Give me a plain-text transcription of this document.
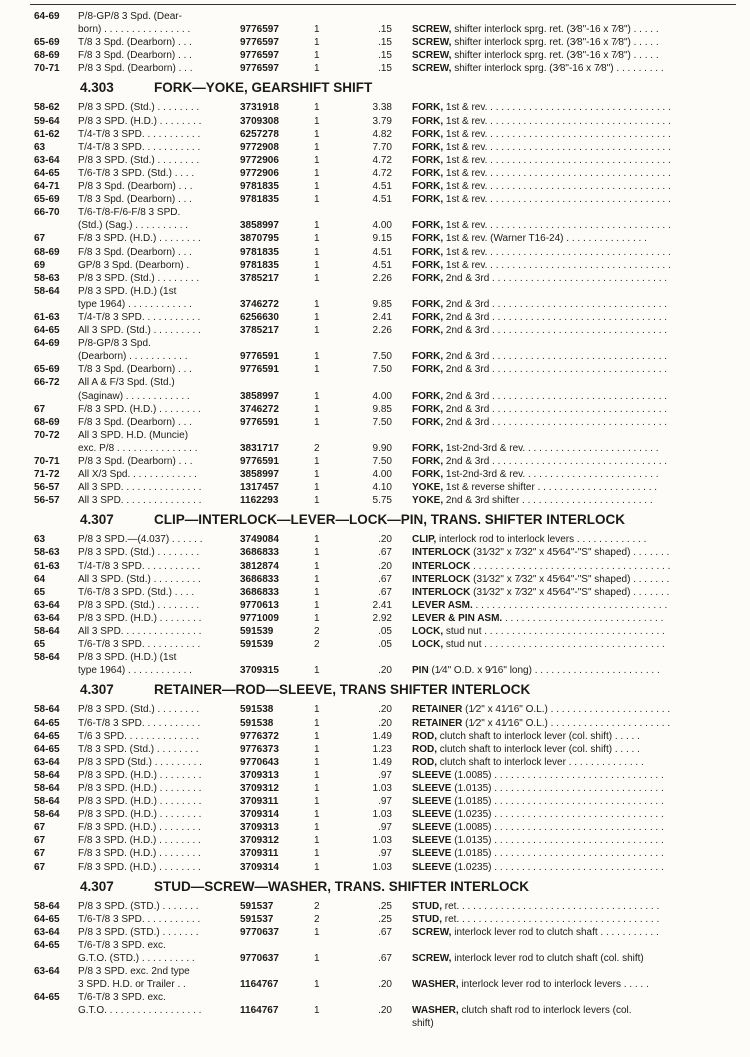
64-69 P/8-GP/8 3 Spd. (Dear-
born) . . . . . . . . . . . . . . . .	9776597	1	.15 SCREW, shifter interlock sprg. ret. (3⁄8"-16 x 7⁄8") . . . . .
65-69 T/8 3 Spd. (Dearborn) . . .	9776597	1	.15 SCREW, shifter interlock sprg. ret. (3⁄8"-16 x 7⁄8") . . . . .
68-69 F/8 3 Spd. (Dearborn) . . .	9776597	1	.15 SCREW, shifter interlock sprg. ret. (3⁄8"-16 x 7⁄8") . . . . .
70-71 P/8 3 Spd. (Dearborn) . . .	9776597	1	.15 SCREW, shifter interlock sprg. (3⁄8"-16 x 7⁄8") . . . . . . . . .
4.303	FORK—YOKE, GEARSHIFT SHIFT
58-62 P/8 3 SPD. (Std.) . . . . . . . .	3731918	1	3.38 FORK, 1st & rev. . . . . . . . . . . . . . . . . . . . . . . . . . . . . . . . . .
59-64 P/8 3 SPD. (H.D.) . . . . . . . .	3709308	1	3.79 FORK, 1st & rev. . . . . . . . . . . . . . . . . . . . . . . . . . . . . . . . . .
61-62 T/4-T/8 3 SPD. . . . . . . . . . .	6257278	1	4.82 FORK, 1st & rev. . . . . . . . . . . . . . . . . . . . . . . . . . . . . . . . . .
63	T/4-T/8 3 SPD. . . . . . . . . . .	9772908	1	7.70 FORK, 1st & rev. . . . . . . . . . . . . . . . . . . . . . . . . . . . . . . . . .
63-64 P/8 3 SPD. (Std.) . . . . . . . .	9772906	1	4.72 FORK, 1st & rev. . . . . . . . . . . . . . . . . . . . . . . . . . . . . . . . . .
64-65 T/6-T/8 3 SPD. (Std.) . . . .	9772906	1	4.72 FORK, 1st & rev. . . . . . . . . . . . . . . . . . . . . . . . . . . . . . . . . .
64-71 P/8 3 Spd. (Dearborn) . . .	9781835	1	4.51 FORK, 1st & rev. . . . . . . . . . . . . . . . . . . . . . . . . . . . . . . . . .
65-69 T/8 3 Spd. (Dearborn) . . .	9781835	1	4.51 FORK, 1st & rev. . . . . . . . . . . . . . . . . . . . . . . . . . . . . . . . . .
66-70 T/6-T/8-F/6-F/8 3 SPD.
(Std.) (Sag.) . . . . . . . . . .	3858997	1	4.00 FORK, 1st & rev. . . . . . . . . . . . . . . . . . . . . . . . . . . . . . . . . .
67	F/8 3 SPD. (H.D.) . . . . . . . .	3870795	1	9.15 FORK, 1st & rev. (Warner T16-24) . . . . . . . . . . . . . . .
68-69 F/8 3 Spd. (Dearborn) . . .	9781835	1	4.51 FORK, 1st & rev. . . . . . . . . . . . . . . . . . . . . . . . . . . . . . . . . .
69	GP/8 3 Spd. (Dearborn) .	9781835	1	4.51 FORK, 1st & rev. . . . . . . . . . . . . . . . . . . . . . . . . . . . . . . . . .
58-63 P/8 3 SPD. (Std.) . . . . . . . .	3785217	1	2.26 FORK, 2nd & 3rd . . . . . . . . . . . . . . . . . . . . . . . . . . . . . . . .
58-64 P/8 3 SPD. (H.D.) (1st
type 1964) . . . . . . . . . . . .	3746272	1	9.85 FORK, 2nd & 3rd . . . . . . . . . . . . . . . . . . . . . . . . . . . . . . . .
61-63 T/4-T/8 3 SPD. . . . . . . . . . .	6256630	1	2.41 FORK, 2nd & 3rd . . . . . . . . . . . . . . . . . . . . . . . . . . . . . . . .
64-65 All 3 SPD. (Std.) . . . . . . . . .	3785217	1	2.26 FORK, 2nd & 3rd . . . . . . . . . . . . . . . . . . . . . . . . . . . . . . . .
64-69 P/8-GP/8 3 Spd.
(Dearborn) . . . . . . . . . . .	9776591	1	7.50 FORK, 2nd & 3rd . . . . . . . . . . . . . . . . . . . . . . . . . . . . . . . .
65-69 T/8 3 Spd. (Dearborn) . . .	9776591	1	7.50 FORK, 2nd & 3rd . . . . . . . . . . . . . . . . . . . . . . . . . . . . . . . .
66-72 All A & F/3 Spd. (Std.)
(Saginaw) . . . . . . . . . . . .	3858997	1	4.00 FORK, 2nd & 3rd . . . . . . . . . . . . . . . . . . . . . . . . . . . . . . . .
67	F/8 3 SPD. (H.D.) . . . . . . . .	3746272	1	9.85 FORK, 2nd & 3rd . . . . . . . . . . . . . . . . . . . . . . . . . . . . . . . .
68-69 F/8 3 Spd. (Dearborn) . . .	9776591	1	7.50 FORK, 2nd & 3rd . . . . . . . . . . . . . . . . . . . . . . . . . . . . . . . .
70-72 All 3 SPD. H.D. (Muncie)
exc. P/8 . . . . . . . . . . . . . . .	3831717	2	9.90 FORK, 1st-2nd-3rd & rev. . . . . . . . . . . . . . . . . . . . . . . . .
70-71 P/8 3 Spd. (Dearborn) . . .	9776591	1	7.50 FORK, 2nd & 3rd . . . . . . . . . . . . . . . . . . . . . . . . . . . . . . . .
71-72 All X/3 Spd. . . . . . . . . . . . .	3858997	1	4.00 FORK, 1st-2nd-3rd & rev. . . . . . . . . . . . . . . . . . . . . . . . .
56-57 All 3 SPD. . . . . . . . . . . . . . .	1317457	1	4.10 YOKE, 1st & reverse shifter . . . . . . . . . . . . . . . . . . . . . .
56-57 All 3 SPD. . . . . . . . . . . . . . .	1162293	1	5.75 YOKE, 2nd & 3rd shifter . . . . . . . . . . . . . . . . . . . . . . . .
4.307	CLIP—INTERLOCK—LEVER—LOCK—PIN, TRANS. SHIFTER INTERLOCK
63	P/8 3 SPD.—(4.037) . . . . . .	3749084	1	.20 CLIP, interlock rod to interlock levers . . . . . . . . . . . . .
58-63 P/8 3 SPD. (Std.) . . . . . . . .	3686833	1	.67 INTERLOCK (31⁄32" x 7⁄32" x 45⁄64"-"S" shaped) . . . . . . .
61-63 T/4-T/8 3 SPD. . . . . . . . . . .	3812874	1	.20 INTERLOCK . . . . . . . . . . . . . . . . . . . . . . . . . . . . . . . . . . . .
64	All 3 SPD. (Std.) . . . . . . . . .	3686833	1	.67 INTERLOCK (31⁄32" x 7⁄32" x 45⁄64"-"S" shaped) . . . . . . .
65	T/6-T/8 3 SPD. (Std.) . . . .	3686833	1	.67 INTERLOCK (31⁄32" x 7⁄32" x 45⁄64"-"S" shaped) . . . . . . .
63-64 P/8 3 SPD. (Std.) . . . . . . . .	9770613	1	2.41 LEVER ASM. . . . . . . . . . . . . . . . . . . . . . . . . . . . . . . . . . . .
63-64 P/8 3 SPD. (H.D.) . . . . . . . .	9771009	1	2.92 LEVER & PIN ASM. . . . . . . . . . . . . . . . . . . . . . . . . . . . . .
58-64 All 3 SPD. . . . . . . . . . . . . . .	591539	2	.05 LOCK, stud nut . . . . . . . . . . . . . . . . . . . . . . . . . . . . . . . . .
65	T/6-T/8 3 SPD. . . . . . . . . . .	591539	2	.05 LOCK, stud nut . . . . . . . . . . . . . . . . . . . . . . . . . . . . . . . . .
58-64 P/8 3 SPD. (H.D.) (1st
type 1964) . . . . . . . . . . . .	3709315	1	.20 PIN (1⁄4" O.D. x 9⁄16" long) . . . . . . . . . . . . . . . . . . . . . . .
4.307	RETAINER—ROD—SLEEVE, TRANS SHIFTER INTERLOCK
58-64 P/8 3 SPD. (Std.) . . . . . . . .	591538	1	.20 RETAINER (1⁄2" x 41⁄16" O.L.) . . . . . . . . . . . . . . . . . . . . . .
64-65 T/6-T/8 3 SPD. . . . . . . . . . .	591538	1	.20 RETAINER (1⁄2" x 41⁄16" O.L.) . . . . . . . . . . . . . . . . . . . . . .
64-65 T/6 3 SPD. . . . . . . . . . . . . .	9776372	1	1.49 ROD, clutch shaft to interlock lever (col. shift) . . . . .
64-65 T/8 3 SPD. (Std.) . . . . . . . .	9776373	1	1.23 ROD, clutch shaft to interlock lever (col. shift) . . . . .
63-64 P/8 3 SPD (Std.) . . . . . . . . .	9770643	1	1.49 ROD, clutch shaft to interlock lever . . . . . . . . . . . . . .
58-64 P/8 3 SPD. (H.D.) . . . . . . . .	3709313	1	.97 SLEEVE (1.0085) . . . . . . . . . . . . . . . . . . . . . . . . . . . . . . .
58-64 P/8 3 SPD. (H.D.) . . . . . . . .	3709312	1	1.03 SLEEVE (1.0135) . . . . . . . . . . . . . . . . . . . . . . . . . . . . . . .
58-64 P/8 3 SPD. (H.D.) . . . . . . . .	3709311	1	.97 SLEEVE (1.0185) . . . . . . . . . . . . . . . . . . . . . . . . . . . . . . .
58-64 P/8 3 SPD. (H.D.) . . . . . . . .	3709314	1	1.03 SLEEVE (1.0235) . . . . . . . . . . . . . . . . . . . . . . . . . . . . . . .
67	F/8 3 SPD. (H.D.) . . . . . . . .	3709313	1	.97 SLEEVE (1.0085) . . . . . . . . . . . . . . . . . . . . . . . . . . . . . . .
67	F/8 3 SPD. (H.D.) . . . . . . . .	3709312	1	1.03 SLEEVE (1.0135) . . . . . . . . . . . . . . . . . . . . . . . . . . . . . . .
67	F/8 3 SPD. (H.D.) . . . . . . . .	3709311	1	.97 SLEEVE (1.0185) . . . . . . . . . . . . . . . . . . . . . . . . . . . . . . .
67	F/8 3 SPD. (H.D.) . . . . . . . .	3709314	1	1.03 SLEEVE (1.0235) . . . . . . . . . . . . . . . . . . . . . . . . . . . . . . .
4.307	STUD—SCREW—WASHER, TRANS. SHIFTER INTERLOCK
58-64 P/8 3 SPD. (STD.) . . . . . . .	591537	2	.25 STUD, ret. . . . . . . . . . . . . . . . . . . . . . . . . . . . . . . . . . . . .
64-65 T/6-T/8 3 SPD. . . . . . . . . . .	591537	2	.25 STUD, ret. . . . . . . . . . . . . . . . . . . . . . . . . . . . . . . . . . . . .
63-64 P/8 3 SPD. (STD.) . . . . . . .	9770637	1	.67 SCREW, interlock lever rod to clutch shaft . . . . . . . . . . .
64-65 T/6-T/8 3 SPD. exc.
G.T.O. (STD.) . . . . . . . . . .	9770637	1	.67 SCREW, interlock lever rod to clutch shaft (col. shift)
63-64 P/8 3 SPD. exc. 2nd type
3 SPD. H.D. or Trailer . .	1164767	1	.20 WASHER, interlock lever rod to interlock levers . . . . .
64-65 T/6-T/8 3 SPD. exc.
G.T.O. . . . . . . . . . . . . . . . . .	1164767	1	.20 WASHER, clutch shaft rod to interlock levers (col.
shift)
